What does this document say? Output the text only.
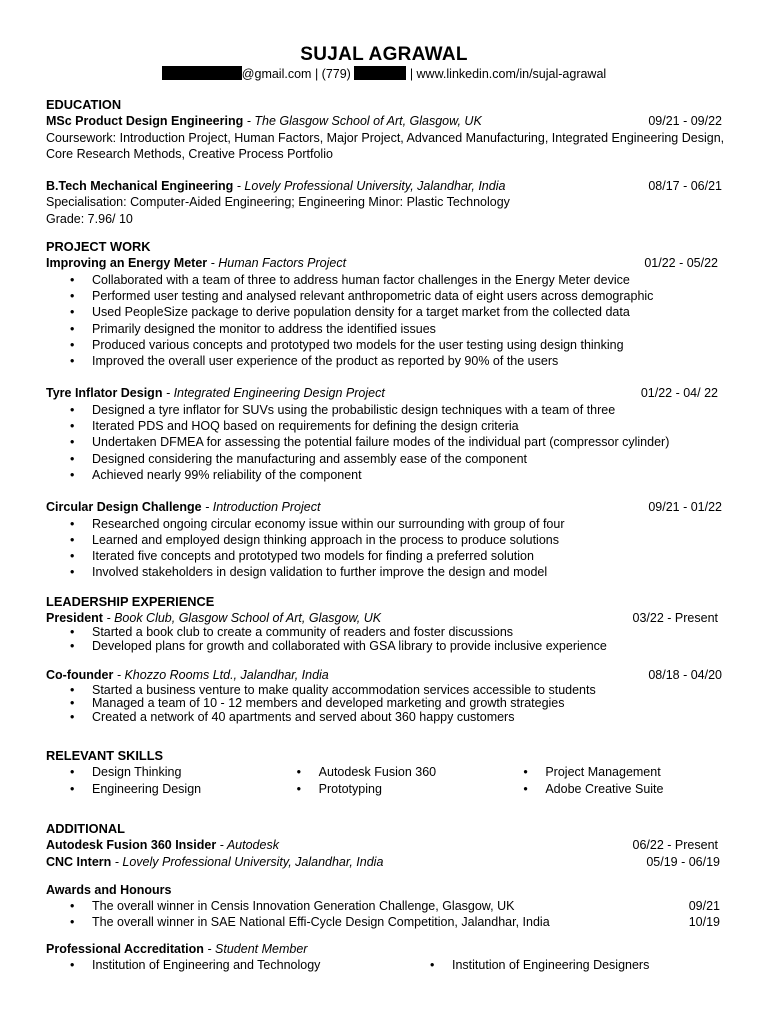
SUJAL AGRAWAL
@gmail.com | (779)	| www.linkedin.com/in/sujal-agrawal
EDUCATION
MSc Product Design Engineering - The Glasgow School of Art, Glasgow, UK	09/21 - 09/22
Coursework: Introduction Project, Human Factors, Major Project, Advanced Manufacturing, Integrated Engineering Design, Core Research Methods, Creative Process Portfolio
B.Tech Mechanical Engineering - Lovely Professional University, Jalandhar, India	08/17 - 06/21
Specialisation: Computer-Aided Engineering; Engineering Minor: Plastic Technology
Grade: 7.96/ 10
PROJECT WORK
Improving an Energy Meter - Human Factors Project	01/22 - 05/22
• Collaborated with a team of three to address human factor challenges in the Energy Meter device
• Performed user testing and analysed relevant anthropometric data of eight users across demographic
• Used PeopleSize package to derive population density for a target market from the collected data
• Primarily designed the monitor to address the identified issues
• Produced various concepts and prototyped two models for the user testing using design thinking
• Improved the overall user experience of the product as reported by 90% of the users
Tyre Inflator Design - Integrated Engineering Design Project	01/22 - 04/ 22
• Designed a tyre inflator for SUVs using the probabilistic design techniques with a team of three
• Iterated PDS and HOQ based on requirements for defining the design criteria
• Undertaken DFMEA for assessing the potential failure modes of the individual part (compressor cylinder)
• Designed considering the manufacturing and assembly ease of the component
• Achieved nearly 99% reliability of the component
Circular Design Challenge - Introduction Project	09/21 - 01/22
• Researched ongoing circular economy issue within our surrounding with group of four
• Learned and employed design thinking approach in the process to produce solutions
• Iterated five concepts and prototyped two models for finding a preferred solution
• Involved stakeholders in design validation to further improve the design and model
LEADERSHIP EXPERIENCE
President - Book Club, Glasgow School of Art, Glasgow, UK	03/22 - Present
• Started a book club to create a community of readers and foster discussions
• Developed plans for growth and collaborated with GSA library to provide inclusive experience
Co-founder - Khozzo Rooms Ltd., Jalandhar, India	08/18 - 04/20
• Started a business venture to make quality accommodation services accessible to students
• Managed a team of 10 - 12 members and developed marketing and growth strategies
• Created a network of 40 apartments and served about 360 happy customers
RELEVANT SKILLS
• Design Thinking
• Engineering Design
• Autodesk Fusion 360
• Prototyping
• Project Management
• Adobe Creative Suite
ADDITIONAL
Autodesk Fusion 360 Insider - Autodesk	06/22 - Present
CNC Intern - Lovely Professional University, Jalandhar, India	05/19 - 06/19
Awards and Honours
• The overall winner in Censis Innovation Generation Challenge, Glasgow, UK	09/21
• The overall winner in SAE National Effi-Cycle Design Competition, Jalandhar, India	10/19
Professional Accreditation - Student Member
• Institution of Engineering and Technology
•	Institution of Engineering Designers
